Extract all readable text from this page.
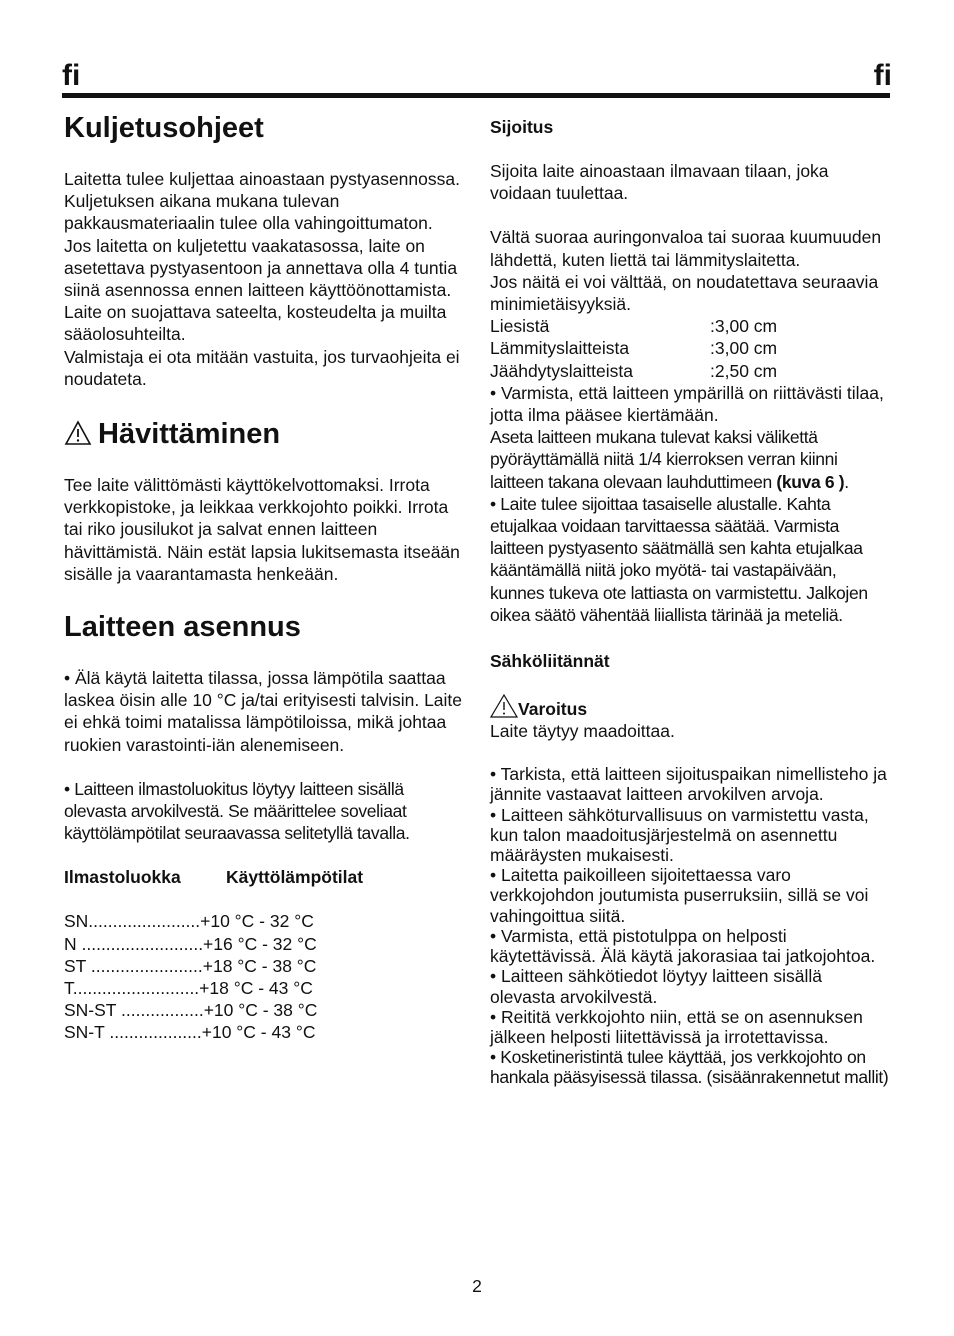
fi	fi
Kuljetusohjeet

Laitetta tulee kuljettaa ainoastaan pystyasennossa.

Kuljetuksen aikana mukana tulevan pakkausmateriaalin tulee olla vahingoittumaton.

Jos laitetta on kuljetettu vaakatasossa, laite on asetettava pystyasentoon ja annettava olla 4 tuntia siinä asennossa ennen laitteen käyttöönottamista.

Laite on suojattava sateelta, kosteudelta ja muilta sääolosuhteilta.

Valmistaja ei ota mitään vastuita, jos turvaohjeita ei noudateta.

Hävittäminen

Tee laite välittömästi käyttökelvottomaksi. Irrota verkkopistoke, ja leikkaa verkkojohto poikki. Irrota tai riko jousilukot ja salvat ennen laitteen hävittämistä. Näin estät lapsia lukitsemasta itseään sisälle ja vaarantamasta henkeään.

Laitteen asennus

• Älä käytä laitetta tilassa, jossa lämpötila saattaa laskea öisin alle 10 °C ja/tai erityisesti talvisin. Laite ei ehkä toimi matalissa lämpötiloissa, mikä johtaa ruokien varastointi-iän alenemiseen.

• Laitteen ilmastoluokitus löytyy laitteen sisällä olevasta arvokilvestä. Se määrittelee soveliaat käyttölämpötilat seuraavassa selitetyllä tavalla.

Ilmastoluokka	Käyttölämpötilat
SN.......................+10 °C - 32 °C
N .........................+16 °C - 32 °C
ST .......................+18 °C - 38 °C
T..........................+18 °C - 43 °C
SN-ST .................+10 °C - 38 °C
SN-T ...................+10 °C - 43 °C
Sijoitus

Sijoita laite ainoastaan ilmavaan tilaan, joka voidaan tuulettaa.

Vältä suoraa auringonvaloa tai suoraa kuumuuden lähdettä, kuten liettä tai lämmityslaitetta.

Jos näitä ei voi välttää, on noudatettava seuraavia minimietäisyyksiä.

Liesistä	:3,00 cm
Lämmityslaitteista	:3,00 cm
Jäähdytyslaitteista	:2,50 cm

• Varmista, että laitteen ympärillä on riittävästi tilaa, jotta ilma pääsee kiertämään.

Aseta laitteen mukana tulevat kaksi välikettä pyöräyttämällä niitä 1/4 kierroksen verran kiinni laitteen takana olevaan lauhduttimeen (kuva 6 ).

• Laite tulee sijoittaa tasaiselle alustalle. Kahta etujalkaa voidaan tarvittaessa säätää. Varmista laitteen pystyasento säätmällä sen kahta etujalkaa kääntämällä niitä joko myötä- tai vastapäivään, kunnes tukeva ote lattiasta on varmistettu. Jalkojen oikea säätö vähentää liiallista tärinää ja meteliä.

Sähköliitännät
Varoitus

Laite täytyy maadoittaa.

• Tarkista, että laitteen sijoituspaikan nimellisteho ja jännite vastaavat laitteen arvokilven arvoja.

• Laitteen sähköturvallisuus on varmistettu vasta, kun talon maadoitusjärjestelmä on asennettu määräysten mukaisesti.

• Laitetta paikoilleen sijoitettaessa varo verkkojohdon joutumista puserruksiin, sillä se voi vahingoittua siitä.

• Varmista, että pistotulppa on helposti käytettävissä. Älä käytä jakorasiaa tai jatkojohtoa.

• Laitteen sähkötiedot löytyy laitteen sisällä olevasta arvokilvestä.

• Reititä verkkojohto niin, että se on asennuksen jälkeen helposti liitettävissä ja irrotettavissa.

• Kosketineristintä tulee käyttää, jos verkkojohto on hankala pääsyisessä tilassa. (sisäänrakennetut mallit)

2
